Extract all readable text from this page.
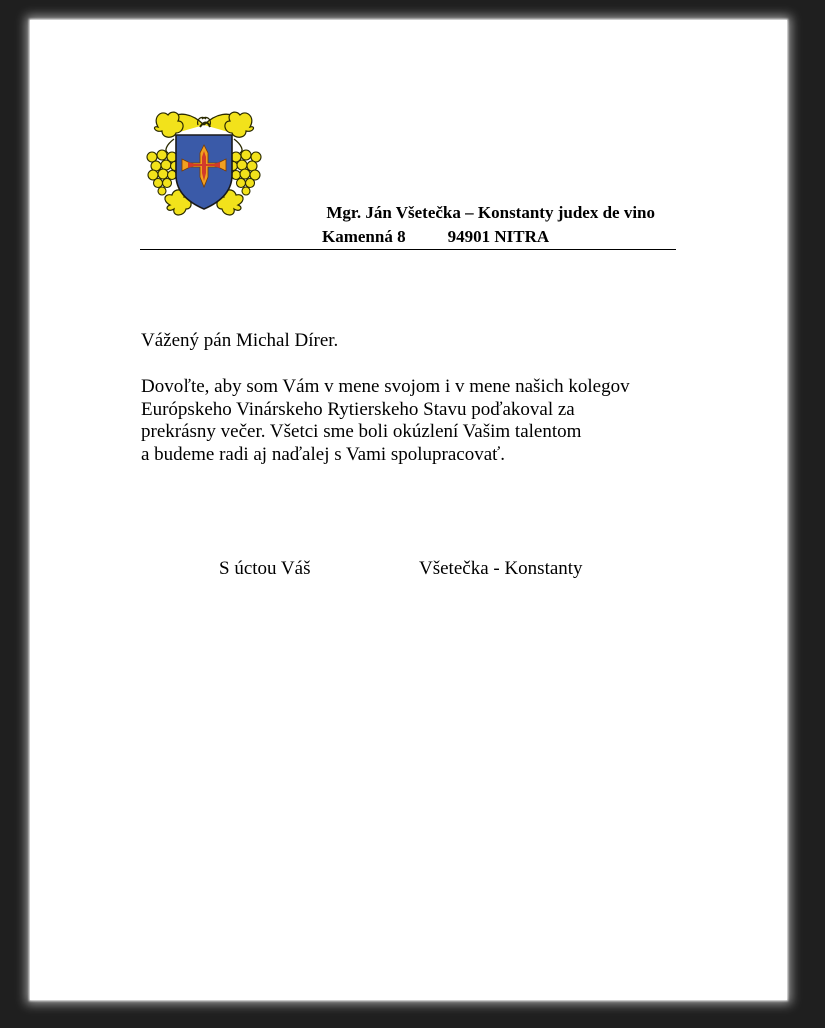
Mgr. Ján Všetečka – Konstanty judex de vino
Kamenná 8 94901 NITRA
Vážený pán Michal Dírer.
Dovoľte, aby som Vám v mene svojom i v mene našich kolegov
Európskeho Vinárskeho Rytierskeho Stavu poďakoval za
prekrásny večer. Všetci sme boli okúzlení Vašim talentom
a budeme radi aj naďalej s Vami spolupracovať.
S úctou Váš	Všetečka - Konstanty
